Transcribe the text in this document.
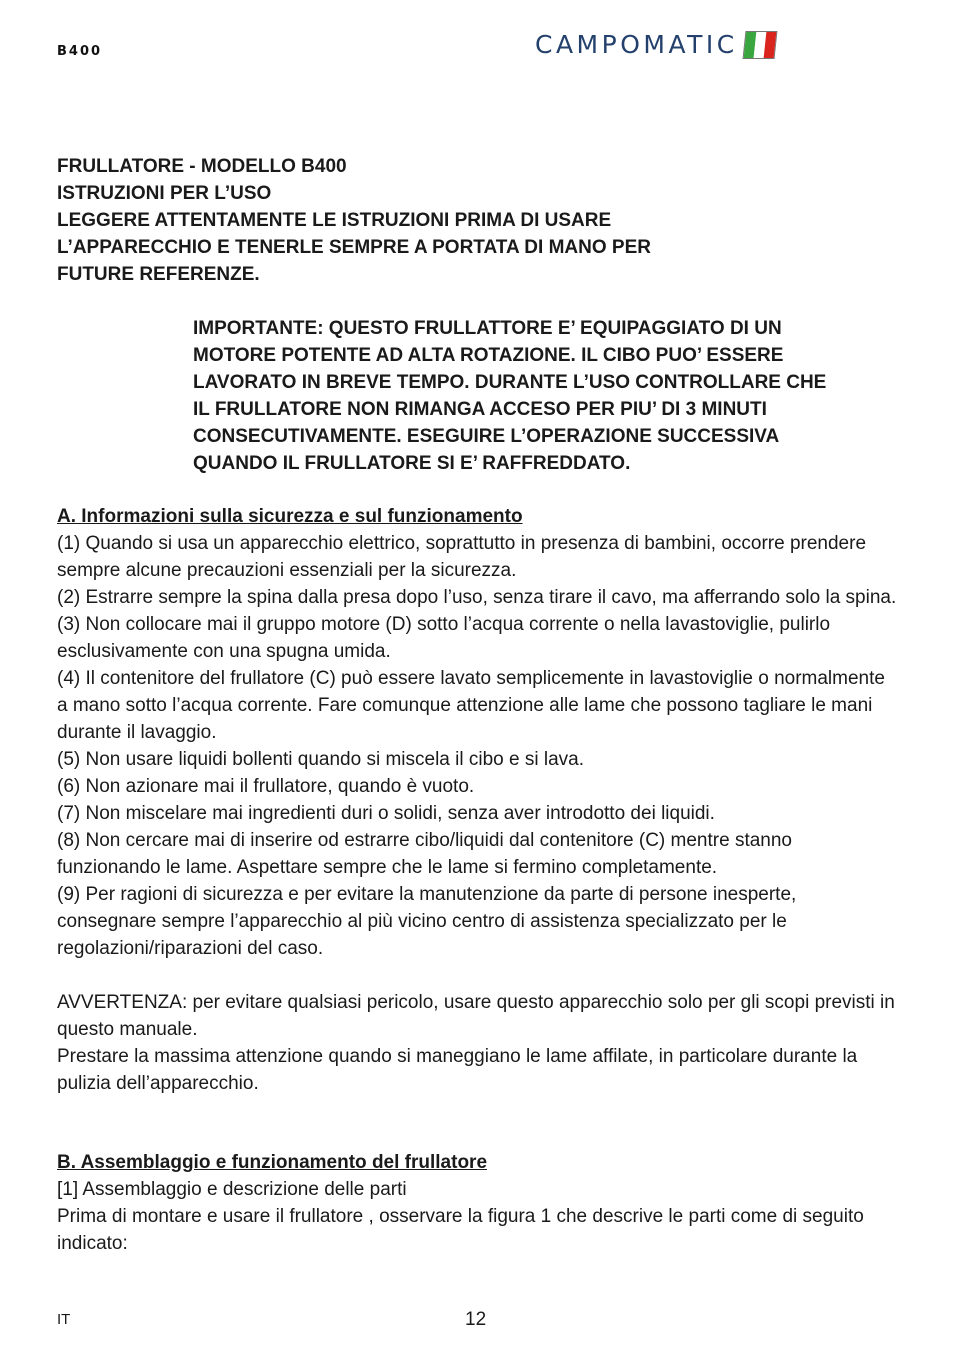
B400	CAMPOMATIC

FRULLATORE - MODELLO B400

ISTRUZIONI PER L’USO

LEGGERE ATTENTAMENTE LE ISTRUZIONI PRIMA DI USARE

L’APPARECCHIO E TENERLE SEMPRE A PORTATA DI MANO PER

FUTURE REFERENZE.

IMPORTANTE: QUESTO FRULLATTORE E’ EQUIPAGGIATO DI UN

MOTORE POTENTE AD ALTA ROTAZIONE. IL CIBO PUO’ ESSERE

LAVORATO IN BREVE TEMPO. DURANTE L’USO CONTROLLARE CHE

IL FRULLATORE NON RIMANGA ACCESO PER PIU’ DI 3 MINUTI

CONSECUTIVAMENTE. ESEGUIRE L’OPERAZIONE SUCCESSIVA

QUANDO IL FRULLATORE SI E’ RAFFREDDATO.

A. Informazioni sulla sicurezza e sul funzionamento

(1) Quando si usa un apparecchio elettrico, soprattutto in presenza di bambini, occorre prendere sempre alcune precauzioni essenziali per la sicurezza.

(2) Estrarre sempre la spina dalla presa dopo l’uso, senza tirare il cavo, ma afferrando solo la spina.

(3) Non collocare mai il gruppo motore (D) sotto l’acqua corrente o nella lavastoviglie, pulirlo esclusivamente con una spugna umida.

(4) Il contenitore del frullatore (C) può essere lavato semplicemente in lavastoviglie o normalmente a mano sotto l’acqua corrente. Fare comunque attenzione alle lame che possono tagliare le mani durante il lavaggio.

(5) Non usare liquidi bollenti quando si miscela il cibo e si lava.

(6) Non azionare mai il frullatore, quando è vuoto.

(7) Non miscelare mai ingredienti duri o solidi, senza aver introdotto dei liquidi.

(8) Non cercare mai di inserire od estrarre cibo/liquidi dal contenitore (C) mentre stanno funzionando le lame. Aspettare sempre che le lame si fermino completamente.

(9) Per ragioni di sicurezza e per evitare la manutenzione da parte di persone inesperte, consegnare sempre l’apparecchio al più vicino centro di assistenza specializzato per le regolazioni/riparazioni del caso.

AVVERTENZA: per evitare qualsiasi pericolo, usare questo apparecchio solo per gli scopi previsti in questo manuale.

Prestare la massima attenzione quando si maneggiano le lame affilate, in particolare durante la pulizia dell’apparecchio.

B. Assemblaggio e funzionamento del frullatore

[1] Assemblaggio e descrizione delle parti

Prima di montare e usare il frullatore , osservare la figura 1 che descrive le parti come di seguito indicato:

IT	12
